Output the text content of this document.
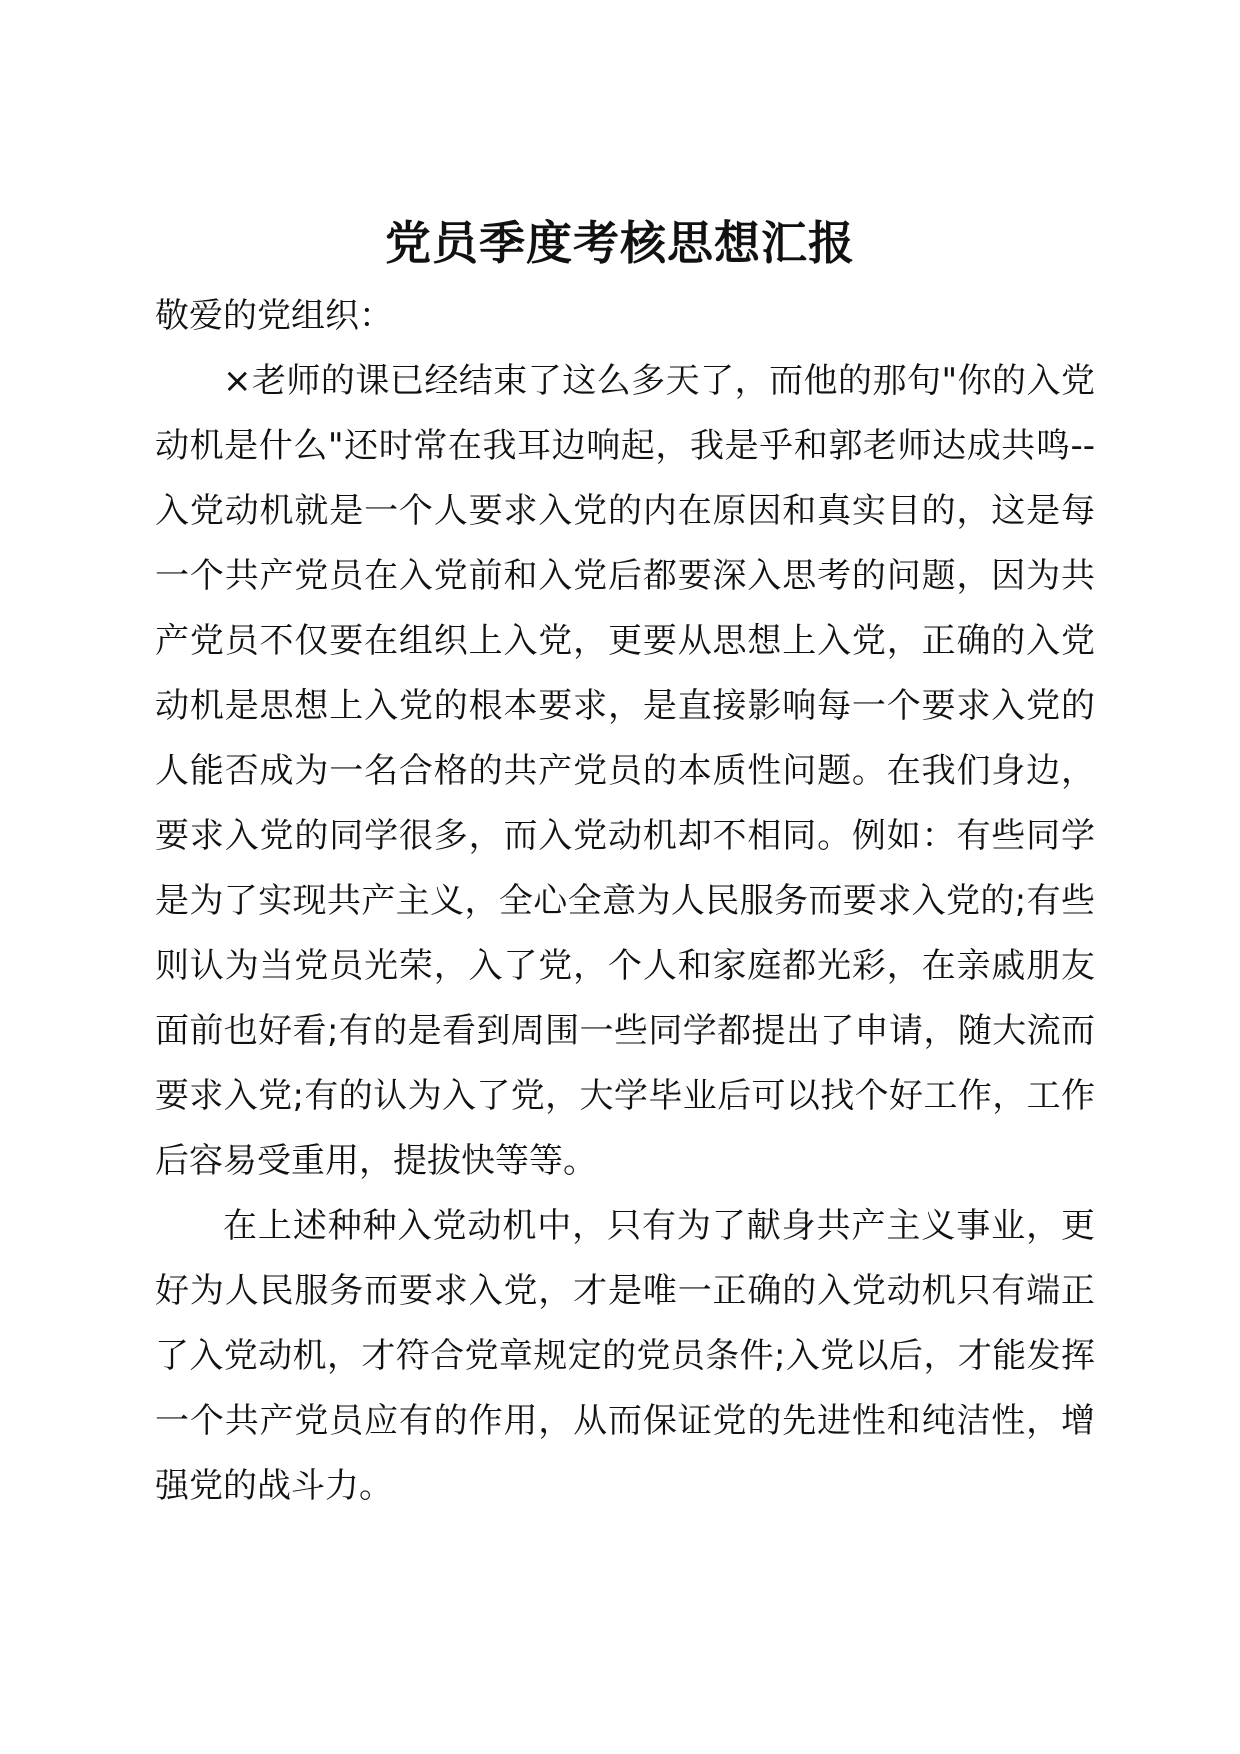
党员季度考核思想汇报

敬爱的党组织：

×老师的课已经结束了这么多天了，而他的那句"你的入党动机是什么"还时常在我耳边响起，我是乎和郭老师达成共鸣--入党动机就是一个人要求入党的内在原因和真实目的，这是每一个共产党员在入党前和入党后都要深入思考的问题，因为共产党员不仅要在组织上入党，更要从思想上入党，正确的入党动机是思想上入党的根本要求，是直接影响每一个要求入党的人能否成为一名合格的共产党员的本质性问题。在我们身边，要求入党的同学很多，而入党动机却不相同。例如：有些同学是为了实现共产主义，全心全意为人民服务而要求入党的;有些则认为当党员光荣，入了党，个人和家庭都光彩，在亲戚朋友面前也好看;有的是看到周围一些同学都提出了申请，随大流而要求入党;有的认为入了党，大学毕业后可以找个好工作，工作后容易受重用，提拔快等等。

在上述种种入党动机中，只有为了献身共产主义事业，更好为人民服务而要求入党，才是唯一正确的入党动机只有端正了入党动机，才符合党章规定的党员条件;入党以后，才能发挥一个共产党员应有的作用，从而保证党的先进性和纯洁性，增强党的战斗力。
